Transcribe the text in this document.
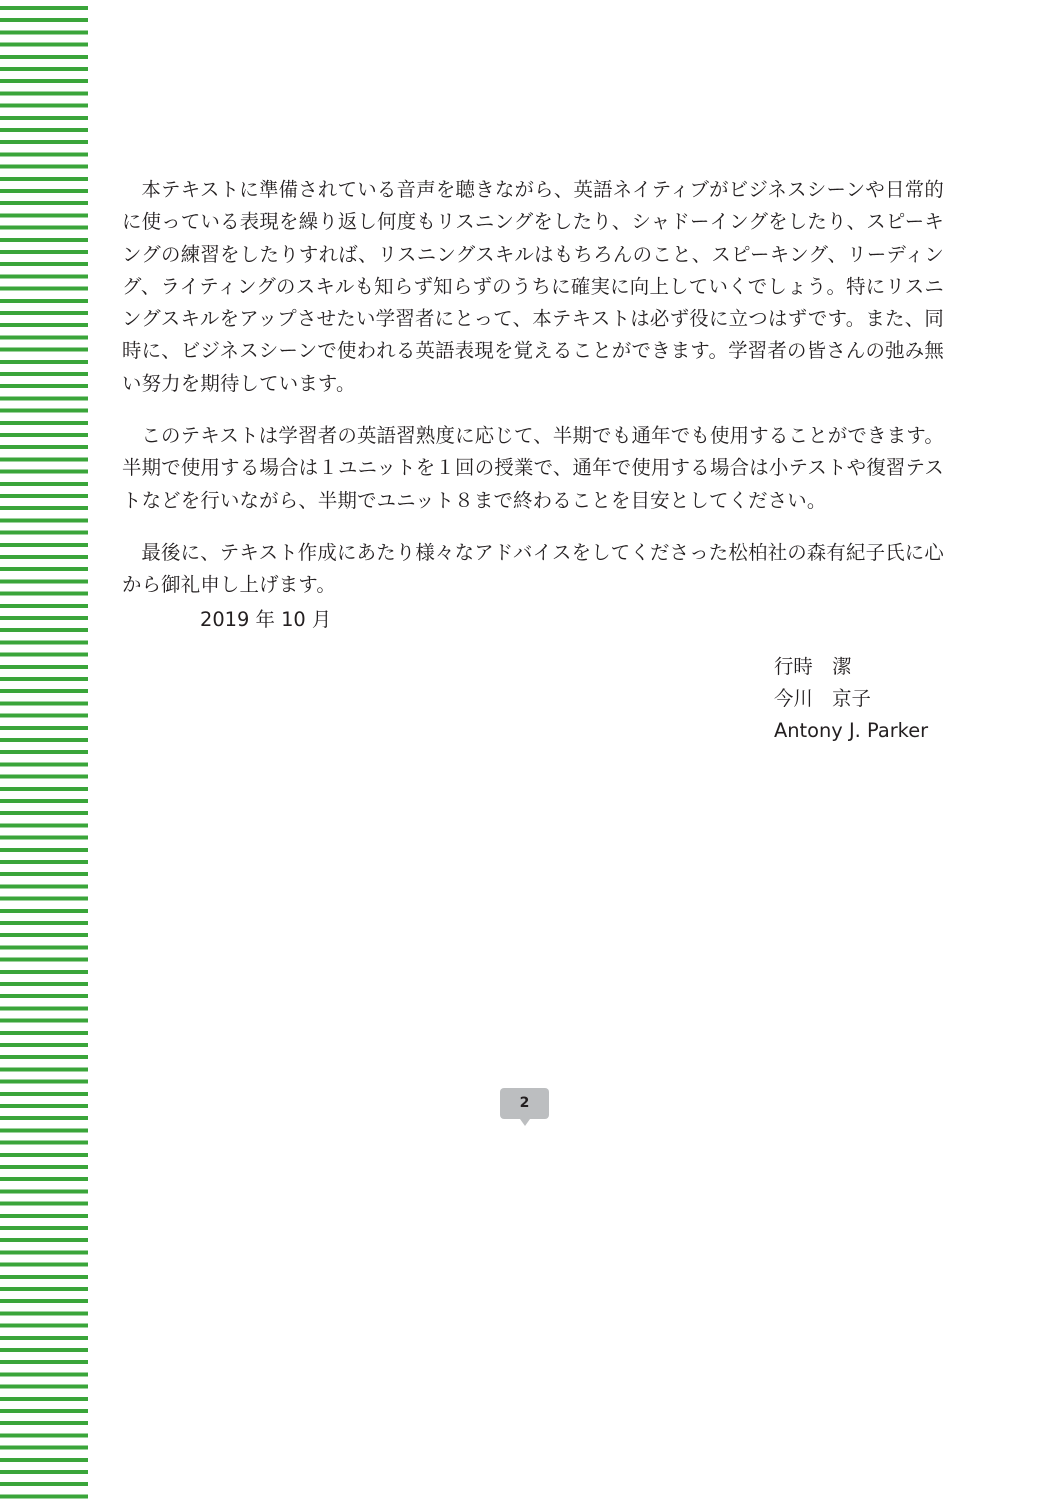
本テキストに準備されている音声を聴きながら、英語ネイティブがビジネスシーンや日常的に使っている表現を繰り返し何度もリスニングをしたり、シャドーイングをしたり、スピーキングの練習をしたりすれば、リスニングスキルはもちろんのこと、スピーキング、リーディング、ライティングのスキルも知らず知らずのうちに確実に向上していくでしょう。特にリスニングスキルをアップさせたい学習者にとって、本テキストは必ず役に立つはずです。また、同時に、ビジネスシーンで使われる英語表現を覚えることができます。学習者の皆さんの弛み無い努力を期待しています。

このテキストは学習者の英語習熟度に応じて、半期でも通年でも使用することができます。半期で使用する場合は１ユニットを１回の授業で、通年で使用する場合は小テストや復習テストなどを行いながら、半期でユニット８まで終わることを目安としてください。

最後に、テキスト作成にあたり様々なアドバイスをしてくださった松柏社の森有紀子氏に心から御礼申し上げます。

2019 年 10 月
行時　潔
今川　京子
Antony J. Parker
2
